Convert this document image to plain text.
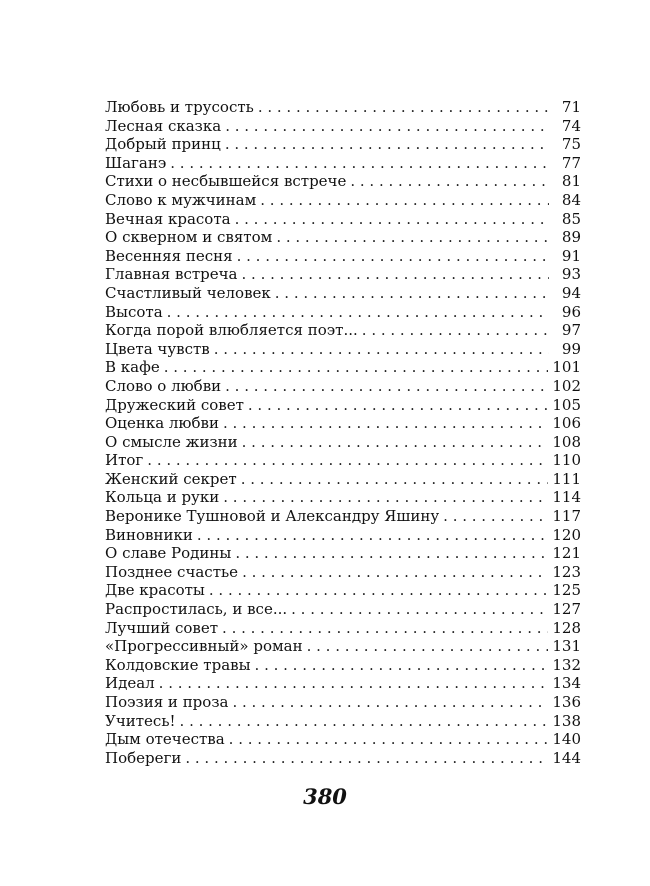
Любовь и трусость . . .	71
Лесная сказка . . .	74
Добрый принц . . .	75
Шаганэ . . .	77
Стихи о несбывшейся встрече . . .	81
Слово к мужчинам . . .	84
Вечная красота . . .	85
О скверном и святом . . .	89
Весенняя песня . . .	91
Главная встреча . . .	93
Счастливый человек . . .	94
Высота . . .	96
Когда порой влюбляется поэт... . . .	97
Цвета чувств . . .	99
В кафе . . .	101
Слово о любви . . .	102
Дружеский совет . . .	105
Оценка любви . . .	106
О смысле жизни . . .	108
Итог . . .	110
Женский секрет . . .	111
Кольца и руки . . .	114
Веронике Тушновой и Александру Яшину . . .	117
Виновники . . .	120
О славе Родины . . .	121
Позднее счастье . . .	123
Две красоты . . .	125
Распростилась, и все... . . .	127
Лучший совет . . .	128
«Прогрессивный» роман . . .	131
Колдовские травы . . .	132
Идеал . . .	134
Поэзия и проза . . .	136
Учитесь! . . .	138
Дым отечества . . .	140
Побереги . . .	144
380
